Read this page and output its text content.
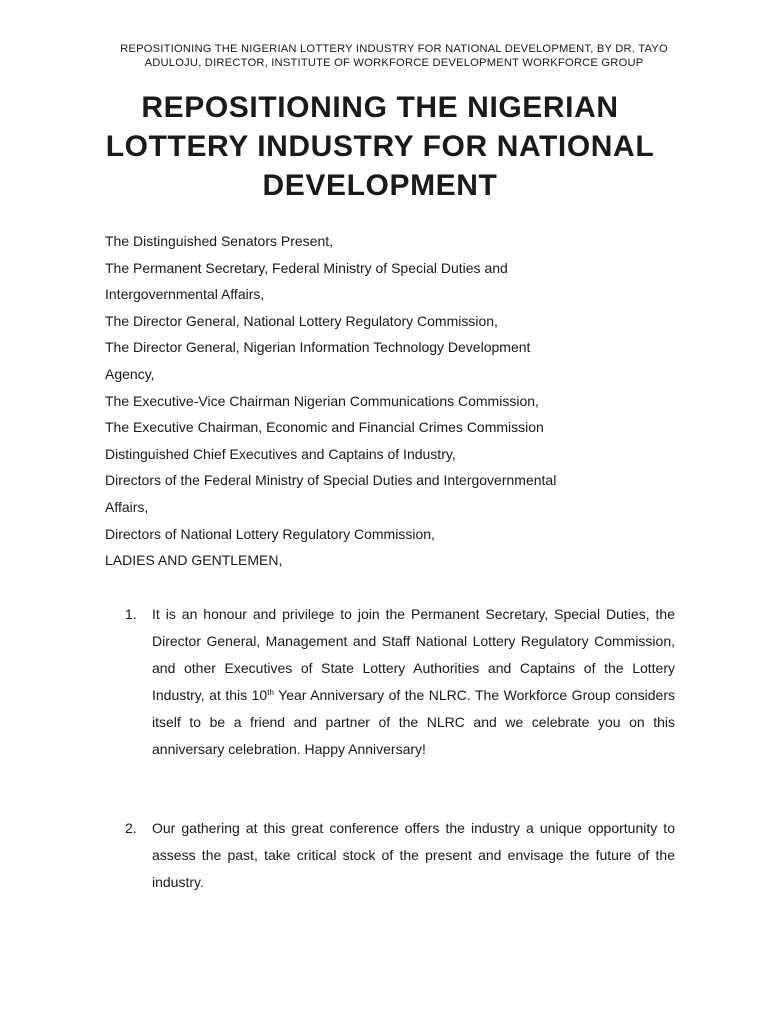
REPOSITIONING THE NIGERIAN LOTTERY INDUSTRY FOR NATIONAL DEVELOPMENT, BY DR. TAYO ADULOJU, DIRECTOR, INSTITUTE OF WORKFORCE DEVELOPMENT WORKFORCE GROUP
REPOSITIONING THE NIGERIAN LOTTERY INDUSTRY FOR NATIONAL DEVELOPMENT
The Distinguished Senators Present,
The Permanent Secretary, Federal Ministry of Special Duties and
Intergovernmental Affairs,
The Director General, National Lottery Regulatory Commission,
The Director General, Nigerian Information Technology Development
Agency,
The Executive-Vice Chairman Nigerian Communications Commission,
The Executive Chairman, Economic and Financial Crimes Commission
Distinguished Chief Executives and Captains of Industry,
Directors of the Federal Ministry of Special Duties and Intergovernmental
Affairs,
Directors of National Lottery Regulatory Commission,
LADIES AND GENTLEMEN,
1. It is an honour and privilege to join the Permanent Secretary, Special Duties, the Director General, Management and Staff National Lottery Regulatory Commission, and other Executives of State Lottery Authorities and Captains of the Lottery Industry, at this 10th Year Anniversary of the NLRC. The Workforce Group considers itself to be a friend and partner of the NLRC and we celebrate you on this anniversary celebration. Happy Anniversary!
2. Our gathering at this great conference offers the industry a unique opportunity to assess the past, take critical stock of the present and envisage the future of the industry.
